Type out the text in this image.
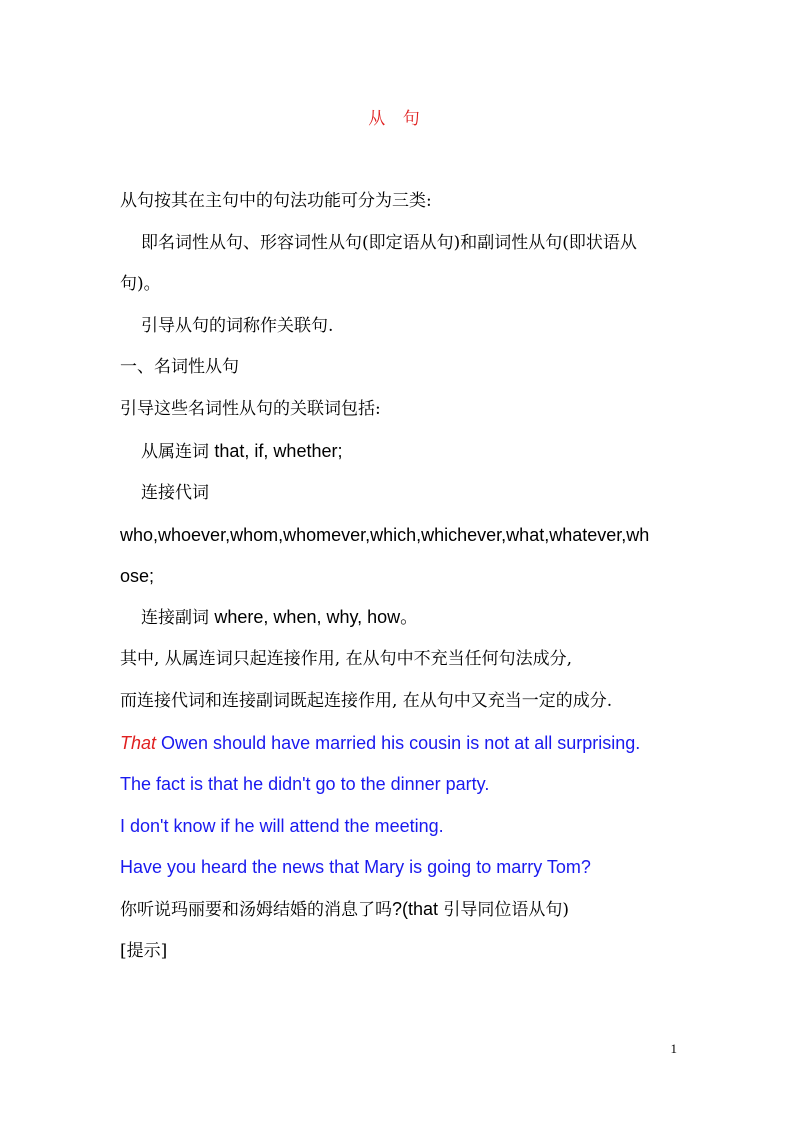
从 句
从句按其在主句中的句法功能可分为三类:
即名词性从句、形容词性从句(即定语从句)和副词性从句(即状语从
句)。
引导从句的词称作关联句.
一、名词性从句
引导这些名词性从句的关联词包括:
从属连词 that, if, whether;
连接代词
who,whoever,whom,whomever,which,whichever,what,whatever,wh
ose;
连接副词 where, when, why, how。
其中, 从属连词只起连接作用, 在从句中不充当任何句法成分,
而连接代词和连接副词既起连接作用, 在从句中又充当一定的成分.
That Owen should have married his cousin is not at all surprising.
The fact is that he didn't go to the dinner party.
I don't know if he will attend the meeting.
Have you heard the news that Mary is going to marry Tom?
你听说玛丽要和汤姆结婚的消息了吗?(that 引导同位语从句)
[提示]
1
